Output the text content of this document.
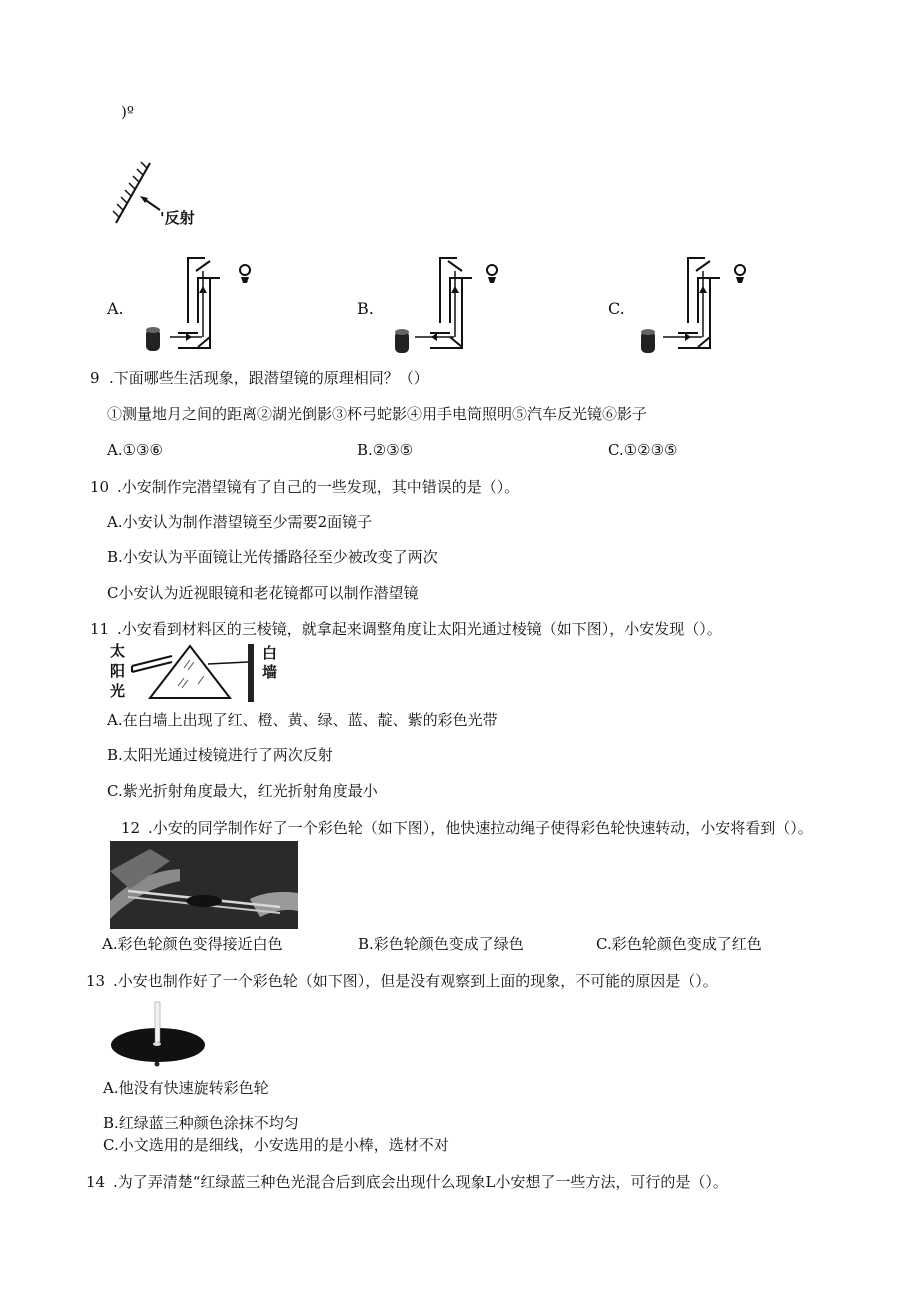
)º
'反射
A.	B.	C.
9 .下面哪些生活现象，跟潜望镜的原理相同？（）
①测量地月之间的距离②湖光倒影③杯弓蛇影④用手电筒照明⑤汽车反光镜⑥影子
A.①③⑥	B.②③⑤	C.①②③⑤
10 .小安制作完潜望镜有了自己的一些发现，其中错误的是（）。
A.小安认为制作潜望镜至少需要2面镜子
B.小安认为平面镜让光传播路径至少被改变了两次
C小安认为近视眼镜和老花镜都可以制作潜望镜
11 .小安看到材料区的三棱镜，就拿起来调整角度让太阳光通过棱镜（如下图），小安发现（）。
太
阳
光
白
墙
A.在白墙上出现了红、橙、黄、绿、蓝、靛、紫的彩色光带
B.太阳光通过棱镜进行了两次反射
C.紫光折射角度最大，红光折射角度最小
12 .小安的同学制作好了一个彩色轮（如下图），他快速拉动绳子使得彩色轮快速转动，小安将看到（）。
A.彩色轮颜色变得接近白色	B.彩色轮颜色变成了绿色	C.彩色轮颜色变成了红色
13 .小安也制作好了一个彩色轮（如下图），但是没有观察到上面的现象，不可能的原因是（）。
A.他没有快速旋转彩色轮
B.红绿蓝三种颜色涂抹不均匀
C.小文选用的是细线，小安选用的是小棒，选材不对
14 .为了弄清楚“红绿蓝三种色光混合后到底会出现什么现象L小安想了一些方法，可行的是（）。
